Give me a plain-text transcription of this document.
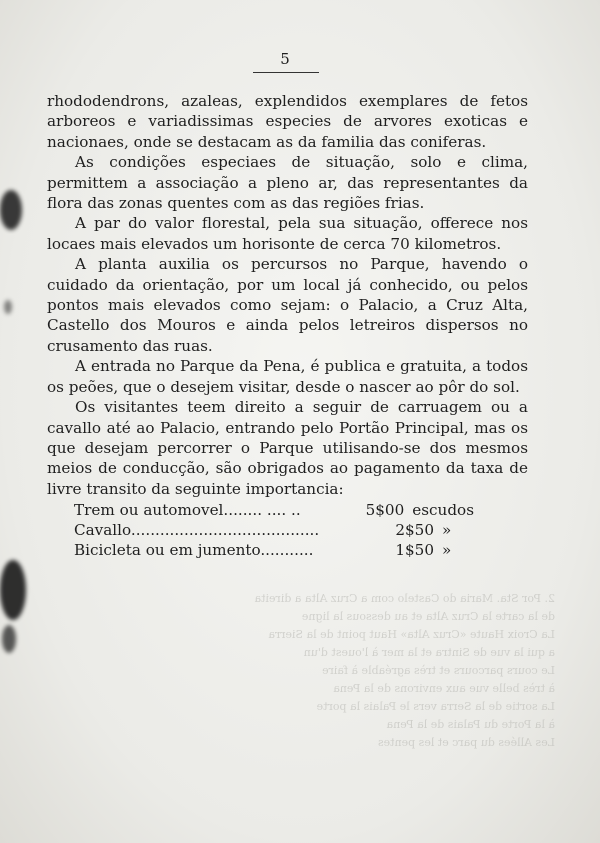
2. Por Sta. Maria do Castelo com a Cruz Alta a direita
de la carte la Cruz Alta et au dessous la ligne
La Croix Haute «Cruz Alta» Haut point de la Sierra
a qui la vue de Sintra et la mer à l'ouest d'un
Le cours parcours et très agréable à faire
à très belle vue aux environs de la Pena
La sortie de la Serra vers le Palais la porte
à la Porte du Palais de la Pena
Les Allées du parc et les pentes
5

rhododendrons, azaleas, explendidos exemplares de fetos arboreos e variadissimas especies de arvores exoticas e nacionaes, onde se destacam as da familia das coniferas.

As condições especiaes de situação, solo e clima, permittem a associação a pleno ar, das representantes da flora das zonas quentes com as das regiões frias.

A par do valor florestal, pela sua situação, offerece nos locaes mais elevados um horisonte de cerca 70 kilometros.

A planta auxilia os percursos no Parque, havendo o cuidado da orientação, por um local já conhecido, ou pelos pontos mais elevados como sejam: o Palacio, a Cruz Alta, Castello dos Mouros e ainda pelos letreiros dispersos no crusamento das ruas.

A entrada no Parque da Pena, é publica e gratuita, a todos os peões, que o desejem visitar, desde o nascer ao pôr do sol.

Os visitantes teem direito a seguir de carruagem ou a cavallo até ao Palacio, entrando pelo Portão Principal, mas os que desejam percorrer o Parque utilisando-se dos mesmos meios de conducção, são obrigados ao pagamento da taxa de livre transito da seguinte importancia:

Trem ou automovel........ .... ..	5$00 escudos
Cavallo.......................................	2$50 »
Bicicleta ou em jumento...........	1$50 »
